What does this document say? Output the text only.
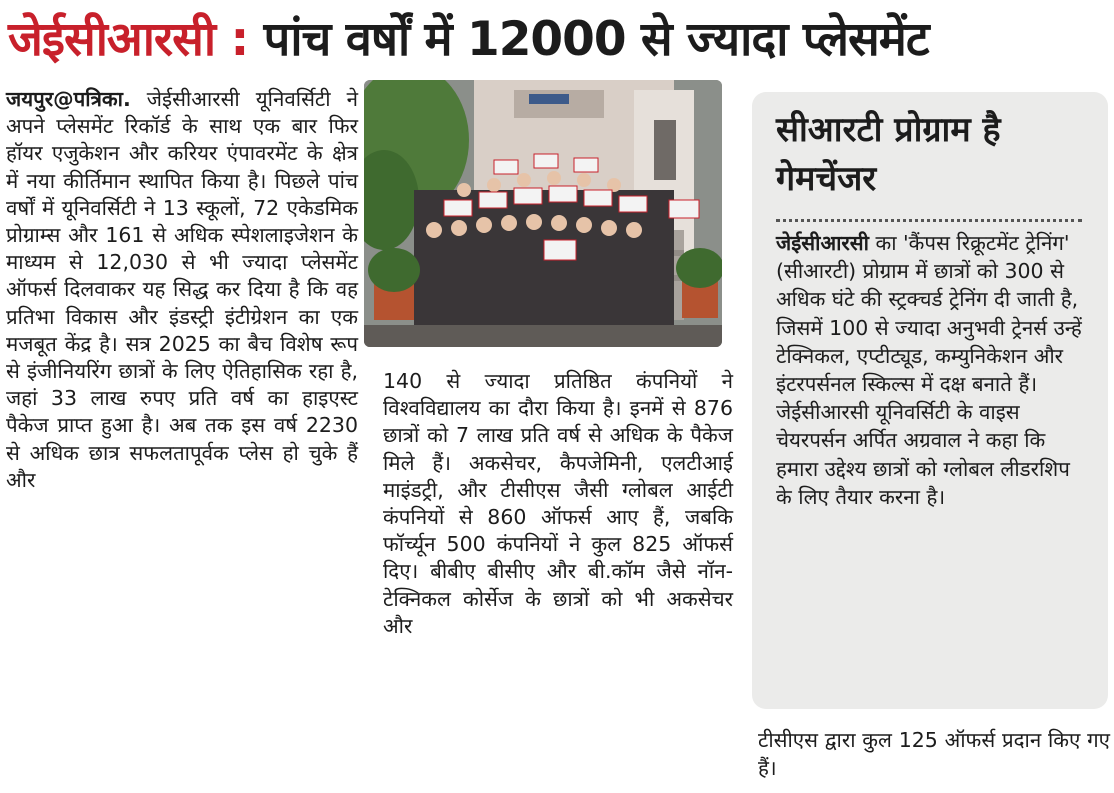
जेईसीआरसी : पांच वर्षों में 12000 से ज्यादा प्लेसमेंट

जयपुर@पत्रिका. जेईसीआरसी यूनिवर्सिटी ने अपने प्लेसमेंट रिकॉर्ड के साथ एक बार फिर हॉयर एजुकेशन और करियर एंपावरमेंट के क्षेत्र में नया कीर्तिमान स्थापित किया है। पिछले पांच वर्षों में यूनिवर्सिटी ने 13 स्कूलों, 72 एकेडमिक प्रोग्राम्स और 161 से अधिक स्पेशलाइजेशन के माध्यम से 12,030 से भी ज्यादा प्लेसमेंट ऑफर्स दिलवाकर यह सिद्ध कर दिया है कि वह प्रतिभा विकास और इंडस्ट्री इंटीग्रेशन का एक मजबूत केंद्र है। सत्र 2025 का बैच विशेष रूप से इंजीनियरिंग छात्रों के लिए ऐतिहासिक रहा है, जहां 33 लाख रुपए प्रति वर्ष का हाइएस्ट पैकेज प्राप्त हुआ है। अब तक इस वर्ष 2230 से अधिक छात्र सफलतापूर्वक प्लेस हो चुके हैं और

140 से ज्यादा प्रतिष्ठित कंपनियों ने विश्वविद्यालय का दौरा किया है। इनमें से 876 छात्रों को 7 लाख प्रति वर्ष से अधिक के पैकेज मिले हैं। अकसेचर, कैपजेमिनी, एलटीआई माइंडट्री, और टीसीएस जैसी ग्लोबल आईटी कंपनियों से 860 ऑफर्स आए हैं, जबकि फॉर्च्यून 500 कंपनियों ने कुल 825 ऑफर्स दिए। बीबीए बीसीए और बी.कॉम जैसे नॉन-टेक्निकल कोर्सेज के छात्रों को भी अकसेचर और

सीआरटी प्रोग्राम है गेमचेंजर
जेईसीआरसी का 'कैंपस रिक्रूटमेंट ट्रेनिंग' (सीआरटी) प्रोग्राम में छात्रों को 300 से अधिक घंटे की स्ट्रक्चर्ड ट्रेनिंग दी जाती है, जिसमें 100 से ज्यादा अनुभवी ट्रेनर्स उन्हें टेक्निकल, एप्टीट्यूड, कम्युनिकेशन और इंटरपर्सनल स्किल्स में दक्ष बनाते हैं। जेईसीआरसी यूनिवर्सिटी के वाइस चेयरपर्सन अर्पित अग्रवाल ने कहा कि हमारा उद्देश्य छात्रों को ग्लोबल लीडरशिप के लिए तैयार करना है।
टीसीएस द्वारा कुल 125 ऑफर्स प्रदान किए गए हैं।
